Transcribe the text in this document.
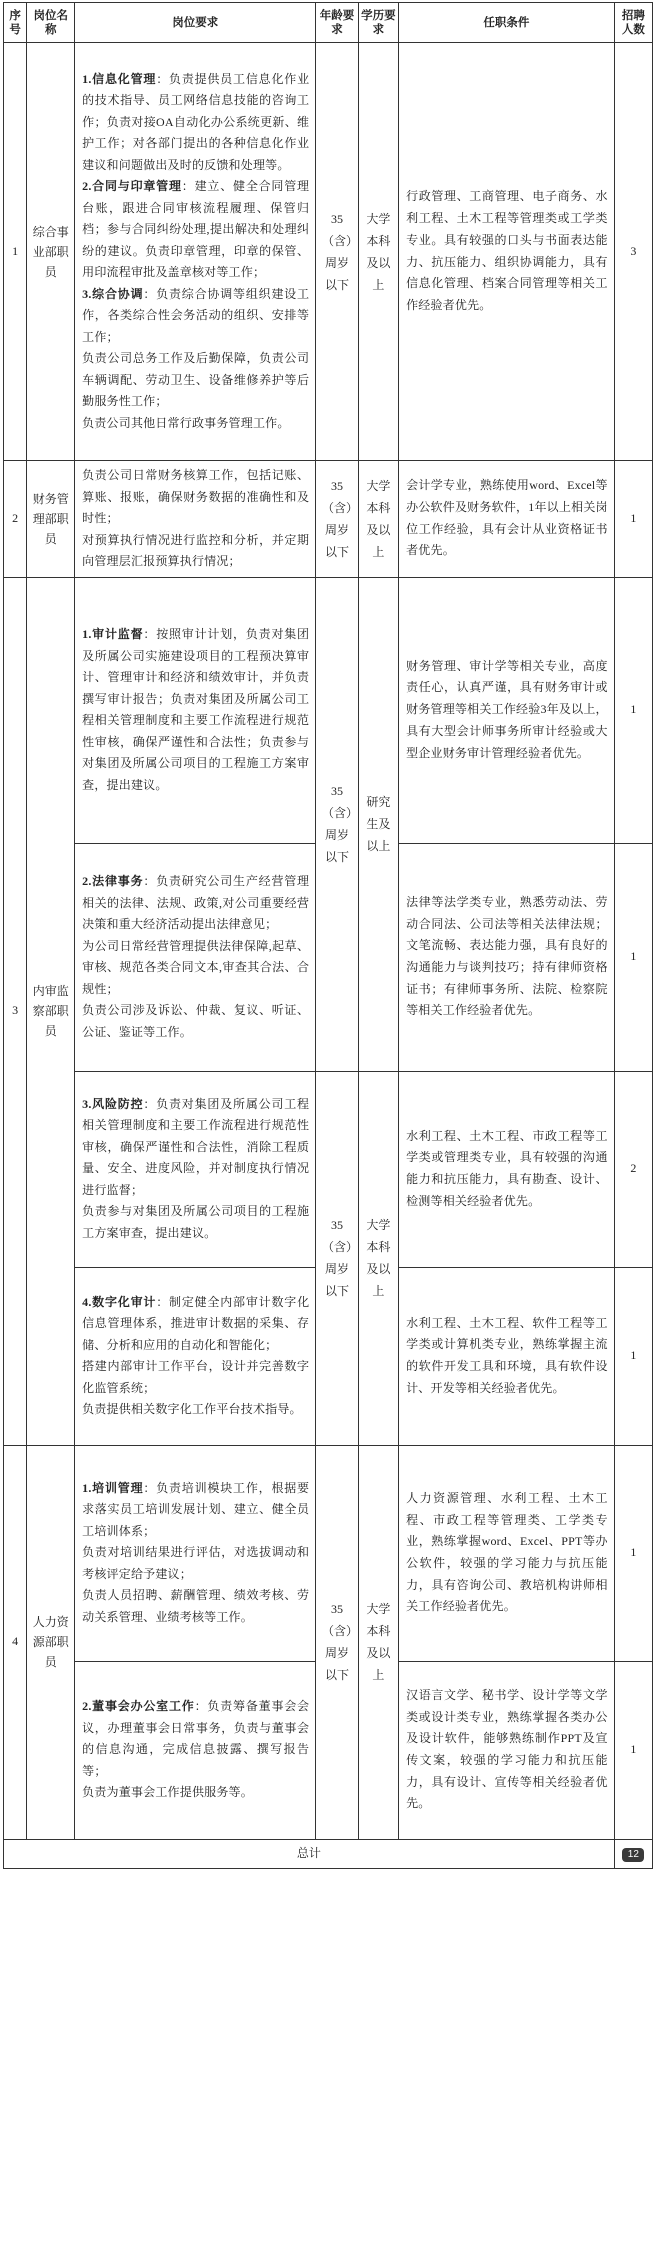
序号	岗位名称	岗位要求	年龄要求	学历要求	任职条件	招聘人数
1	综合事业部职员	1.信息化管理：负责提供员工信息化作业的技术指导、员工网络信息技能的咨询工作；负责对接OA自动化办公系统更新、维护工作；对各部门提出的各种信息化作业建议和问题做出及时的反馈和处理等。
2.合同与印章管理：建立、健全合同管理台账，跟进合同审核流程履理、保管归档；参与合同纠纷处理,提出解决和处理纠纷的建议。负责印章管理，印章的保管、用印流程审批及盖章核对等工作；
3.综合协调：负责综合协调等组织建设工作，各类综合性会务活动的组织、安排等工作；
负责公司总务工作及后勤保障，负责公司车辆调配、劳动卫生、设备维修养护等后勤服务性工作；
负责公司其他日常行政事务管理工作。	35（含）周岁以下	大学本科及以上	行政管理、工商管理、电子商务、水利工程、土木工程等管理类或工学类专业。具有较强的口头与书面表达能力、抗压能力、组织协调能力，具有信息化管理、档案合同管理等相关工作经验者优先。	3
2	财务管理部职员	负责公司日常财务核算工作，包括记账、算账、报账，确保财务数据的准确性和及时性；
对预算执行情况进行监控和分析，并定期向管理层汇报预算执行情况；	35（含）周岁以下	大学本科及以上	会计学专业，熟练使用word、Excel等办公软件及财务软件，1年以上相关岗位工作经验，具有会计从业资格证书者优先。	1
3	内审监察部职员	1.审计监督：按照审计计划，负责对集团及所属公司实施建设项目的工程预决算审计、管理审计和经济和绩效审计，并负责撰写审计报告；负责对集团及所属公司工程相关管理制度和主要工作流程进行规范性审核，确保严谨性和合法性；负责参与对集团及所属公司项目的工程施工方案审查，提出建议。	35（含）周岁以下	研究生及以上	财务管理、审计学等相关专业，高度责任心，认真严谨，具有财务审计或财务管理等相关工作经验3年及以上，具有大型会计师事务所审计经验或大型企业财务审计管理经验者优先。	1

		2.法律事务：负责研究公司生产经营管理相关的法律、法规、政策,对公司重要经营决策和重大经济活动提出法律意见；
为公司日常经营管理提供法律保障,起草、审核、规范各类合同文本,审查其合法、合规性；
负责公司涉及诉讼、仲裁、复议、听证、公证、鉴证等工作。			法律等法学类专业，熟悉劳动法、劳动合同法、公司法等相关法律法规；文笔流畅、表达能力强，具有良好的沟通能力与谈判技巧；持有律师资格证书；有律师事务所、法院、检察院等相关工作经验者优先。	1

		3.风险防控：负责对集团及所属公司工程相关管理制度和主要工作流程进行规范性审核，确保严谨性和合法性，消除工程质量、安全、进度风险，并对制度执行情况进行监督；
负责参与对集团及所属公司项目的工程施工方案审查，提出建议。	35（含）周岁以下	大学本科及以上	水利工程、土木工程、市政工程等工学类或管理类专业，具有较强的沟通能力和抗压能力，具有勘查、设计、检测等相关经验者优先。	2

		4.数字化审计：制定健全内部审计数字化信息管理体系，推进审计数据的采集、存储、分析和应用的自动化和智能化；
搭建内部审计工作平台，设计并完善数字化监管系统；
负责提供相关数字化工作平台技术指导。			水利工程、土木工程、软件工程等工学类或计算机类专业，熟练掌握主流的软件开发工具和环境，具有软件设计、开发等相关经验者优先。	1
4	人力资源部职员	1.培训管理：负责培训模块工作，根据要求落实员工培训发展计划、建立、健全员工培训体系；
负责对培训结果进行评估，对选拔调动和考核评定给予建议；
负责人员招聘、薪酬管理、绩效考核、劳动关系管理、业绩考核等工作。	35（含）周岁以下	大学本科及以上	人力资源管理、水利工程、土木工程、市政工程等管理类、工学类专业，熟练掌握word、Excel、PPT等办公软件，较强的学习能力与抗压能力，具有咨询公司、教培机构讲师相关工作经验者优先。	1

		2.董事会办公室工作：负责筹备董事会会议，办理董事会日常事务，负责与董事会的信息沟通，完成信息披露、撰写报告等；
负责为董事会工作提供服务等。			汉语言文学、秘书学、设计学等文学类或设计类专业，熟练掌握各类办公及设计软件，能够熟练制作PPT及宣传文案，较强的学习能力和抗压能力，具有设计、宣传等相关经验者优先。	1
总计						12
